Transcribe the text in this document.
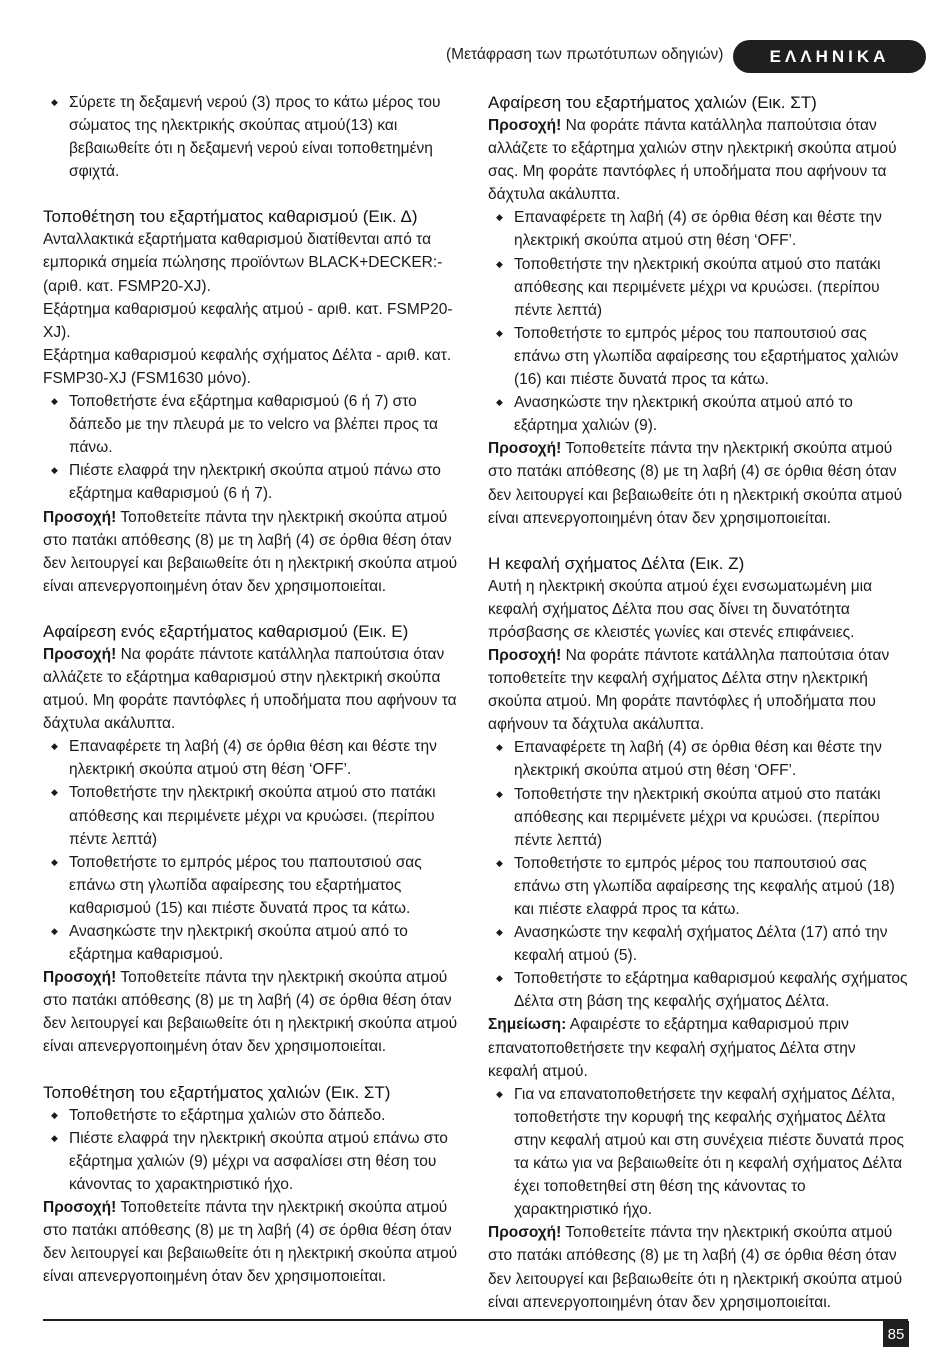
(Μετάφραση των πρωτότυπων οδηγιών)	ΕΛΛΗΝΙΚΑ

◆ Σύρετε τη δεξαμενή νερού (3) προς το κάτω μέρος του σώματος της ηλεκτρικής σκούπας ατμού(13) και βεβαιωθείτε ότι η δεξαμενή νερού είναι τοποθετημένη σφιχτά.

Τοποθέτηση του εξαρτήματος καθαρισμού (Εικ. Δ)

Ανταλλακτικά εξαρτήματα καθαρισμού διατίθενται από τα εμπορικά σημεία πώλησης προϊόντων BLACK+DECKER:- (αριθ. κατ. FSMP20-XJ).

Εξάρτημα καθαρισμού κεφαλής ατμού - αριθ. κατ. FSMP20-XJ).

Εξάρτημα καθαρισμού κεφαλής σχήματος Δέλτα - αριθ. κατ. FSMP30-XJ (FSM1630 μόνο).

◆ Τοποθετήστε ένα εξάρτημα καθαρισμού (6 ή 7) στο δάπεδο με την πλευρά με το velcro να βλέπει προς τα πάνω.

◆ Πιέστε ελαφρά την ηλεκτρική σκούπα ατμού πάνω στο εξάρτημα καθαρισμού (6 ή 7).

Προσοχή! Τοποθετείτε πάντα την ηλεκτρική σκούπα ατμού στο πατάκι απόθεσης (8) με τη λαβή (4) σε όρθια θέση όταν δεν λειτουργεί και βεβαιωθείτε ότι η ηλεκτρική σκούπα ατμού είναι απενεργοποιημένη όταν δεν χρησιμοποιείται.

Αφαίρεση ενός εξαρτήματος καθαρισμού (Εικ. Ε)

Προσοχή! Να φοράτε πάντοτε κατάλληλα παπούτσια όταν αλλάζετε το εξάρτημα καθαρισμού στην ηλεκτρική σκούπα ατμού. Μη φοράτε παντόφλες ή υποδήματα που αφήνουν τα δάχτυλα ακάλυπτα.

◆ Επαναφέρετε τη λαβή (4) σε όρθια θέση και θέστε την ηλεκτρική σκούπα ατμού στη θέση ‘OFF’.

◆ Τοποθετήστε την ηλεκτρική σκούπα ατμού στο πατάκι απόθεσης και περιμένετε μέχρι να κρυώσει. (περίπου πέντε λεπτά)

◆ Τοποθετήστε το εμπρός μέρος του παπουτσιού σας επάνω στη γλωπίδα αφαίρεσης του εξαρτήματος καθαρισμού (15) και πιέστε δυνατά προς τα κάτω.

◆ Ανασηκώστε την ηλεκτρική σκούπα ατμού από το εξάρτημα καθαρισμού.

Προσοχή! Τοποθετείτε πάντα την ηλεκτρική σκούπα ατμού στο πατάκι απόθεσης (8) με τη λαβή (4) σε όρθια θέση όταν δεν λειτουργεί και βεβαιωθείτε ότι η ηλεκτρική σκούπα ατμού είναι απενεργοποιημένη όταν δεν χρησιμοποιείται.

Τοποθέτηση του εξαρτήματος χαλιών (Εικ. ΣΤ)

◆ Τοποθετήστε το εξάρτημα χαλιών στο δάπεδο.

◆ Πιέστε ελαφρά την ηλεκτρική σκούπα ατμού επάνω στο εξάρτημα χαλιών (9) μέχρι να ασφαλίσει στη θέση του κάνοντας το χαρακτηριστικό ήχο.

Προσοχή! Τοποθετείτε πάντα την ηλεκτρική σκούπα ατμού στο πατάκι απόθεσης (8) με τη λαβή (4) σε όρθια θέση όταν δεν λειτουργεί και βεβαιωθείτε ότι η ηλεκτρική σκούπα ατμού είναι απενεργοποιημένη όταν δεν χρησιμοποιείται.

Αφαίρεση του εξαρτήματος χαλιών (Εικ. ΣΤ)

Προσοχή! Να φοράτε πάντα κατάλληλα παπούτσια όταν αλλάζετε το εξάρτημα χαλιών στην ηλεκτρική σκούπα ατμού σας. Μη φοράτε παντόφλες ή υποδήματα που αφήνουν τα δάχτυλα ακάλυπτα.

◆ Επαναφέρετε τη λαβή (4) σε όρθια θέση και θέστε την ηλεκτρική σκούπα ατμού στη θέση ‘OFF’.

◆ Τοποθετήστε την ηλεκτρική σκούπα ατμού στο πατάκι απόθεσης και περιμένετε μέχρι να κρυώσει. (περίπου πέντε λεπτά)

◆ Τοποθετήστε το εμπρός μέρος του παπουτσιού σας επάνω στη γλωπίδα αφαίρεσης του εξαρτήματος χαλιών (16) και πιέστε δυνατά προς τα κάτω.

◆ Ανασηκώστε την ηλεκτρική σκούπα ατμού από το εξάρτημα χαλιών (9).

Προσοχή! Τοποθετείτε πάντα την ηλεκτρική σκούπα ατμού στο πατάκι απόθεσης (8) με τη λαβή (4) σε όρθια θέση όταν δεν λειτουργεί και βεβαιωθείτε ότι η ηλεκτρική σκούπα ατμού είναι απενεργοποιημένη όταν δεν χρησιμοποιείται.

Η κεφαλή σχήματος Δέλτα (Εικ. Ζ)

Αυτή η ηλεκτρική σκούπα ατμού έχει ενσωματωμένη μια κεφαλή σχήματος Δέλτα που σας δίνει τη δυνατότητα πρόσβασης σε κλειστές γωνίες και στενές επιφάνειες.

Προσοχή! Να φοράτε πάντοτε κατάλληλα παπούτσια όταν τοποθετείτε την κεφαλή σχήματος Δέλτα στην ηλεκτρική σκούπα ατμού. Μη φοράτε παντόφλες ή υποδήματα που αφήνουν τα δάχτυλα ακάλυπτα.

◆ Επαναφέρετε τη λαβή (4) σε όρθια θέση και θέστε την ηλεκτρική σκούπα ατμού στη θέση ‘OFF’.

◆ Τοποθετήστε την ηλεκτρική σκούπα ατμού στο πατάκι απόθεσης και περιμένετε μέχρι να κρυώσει. (περίπου πέντε λεπτά)

◆ Τοποθετήστε το εμπρός μέρος του παπουτσιού σας επάνω στη γλωπίδα αφαίρεσης της κεφαλής ατμού (18) και πιέστε ελαφρά προς τα κάτω.

◆ Ανασηκώστε την κεφαλή σχήματος Δέλτα (17) από την κεφαλή ατμού (5).

◆ Τοποθετήστε το εξάρτημα καθαρισμού κεφαλής σχήματος Δέλτα στη βάση της κεφαλής σχήματος Δέλτα.

Σημείωση: Αφαιρέστε το εξάρτημα καθαρισμού πριν επανατοποθετήσετε την κεφαλή σχήματος Δέλτα στην κεφαλή ατμού.

◆ Για να επανατοποθετήσετε την κεφαλή σχήματος Δέλτα, τοποθετήστε την κορυφή της κεφαλής σχήματος Δέλτα στην κεφαλή ατμού και στη συνέχεια πιέστε δυνατά προς τα κάτω για να βεβαιωθείτε ότι η κεφαλή σχήματος Δέλτα έχει τοποθετηθεί στη θέση της κάνοντας το χαρακτηριστικό ήχο.

Προσοχή! Τοποθετείτε πάντα την ηλεκτρική σκούπα ατμού στο πατάκι απόθεσης (8) με τη λαβή (4) σε όρθια θέση όταν δεν λειτουργεί και βεβαιωθείτε ότι η ηλεκτρική σκούπα ατμού είναι απενεργοποιημένη όταν δεν χρησιμοποιείται.

85
